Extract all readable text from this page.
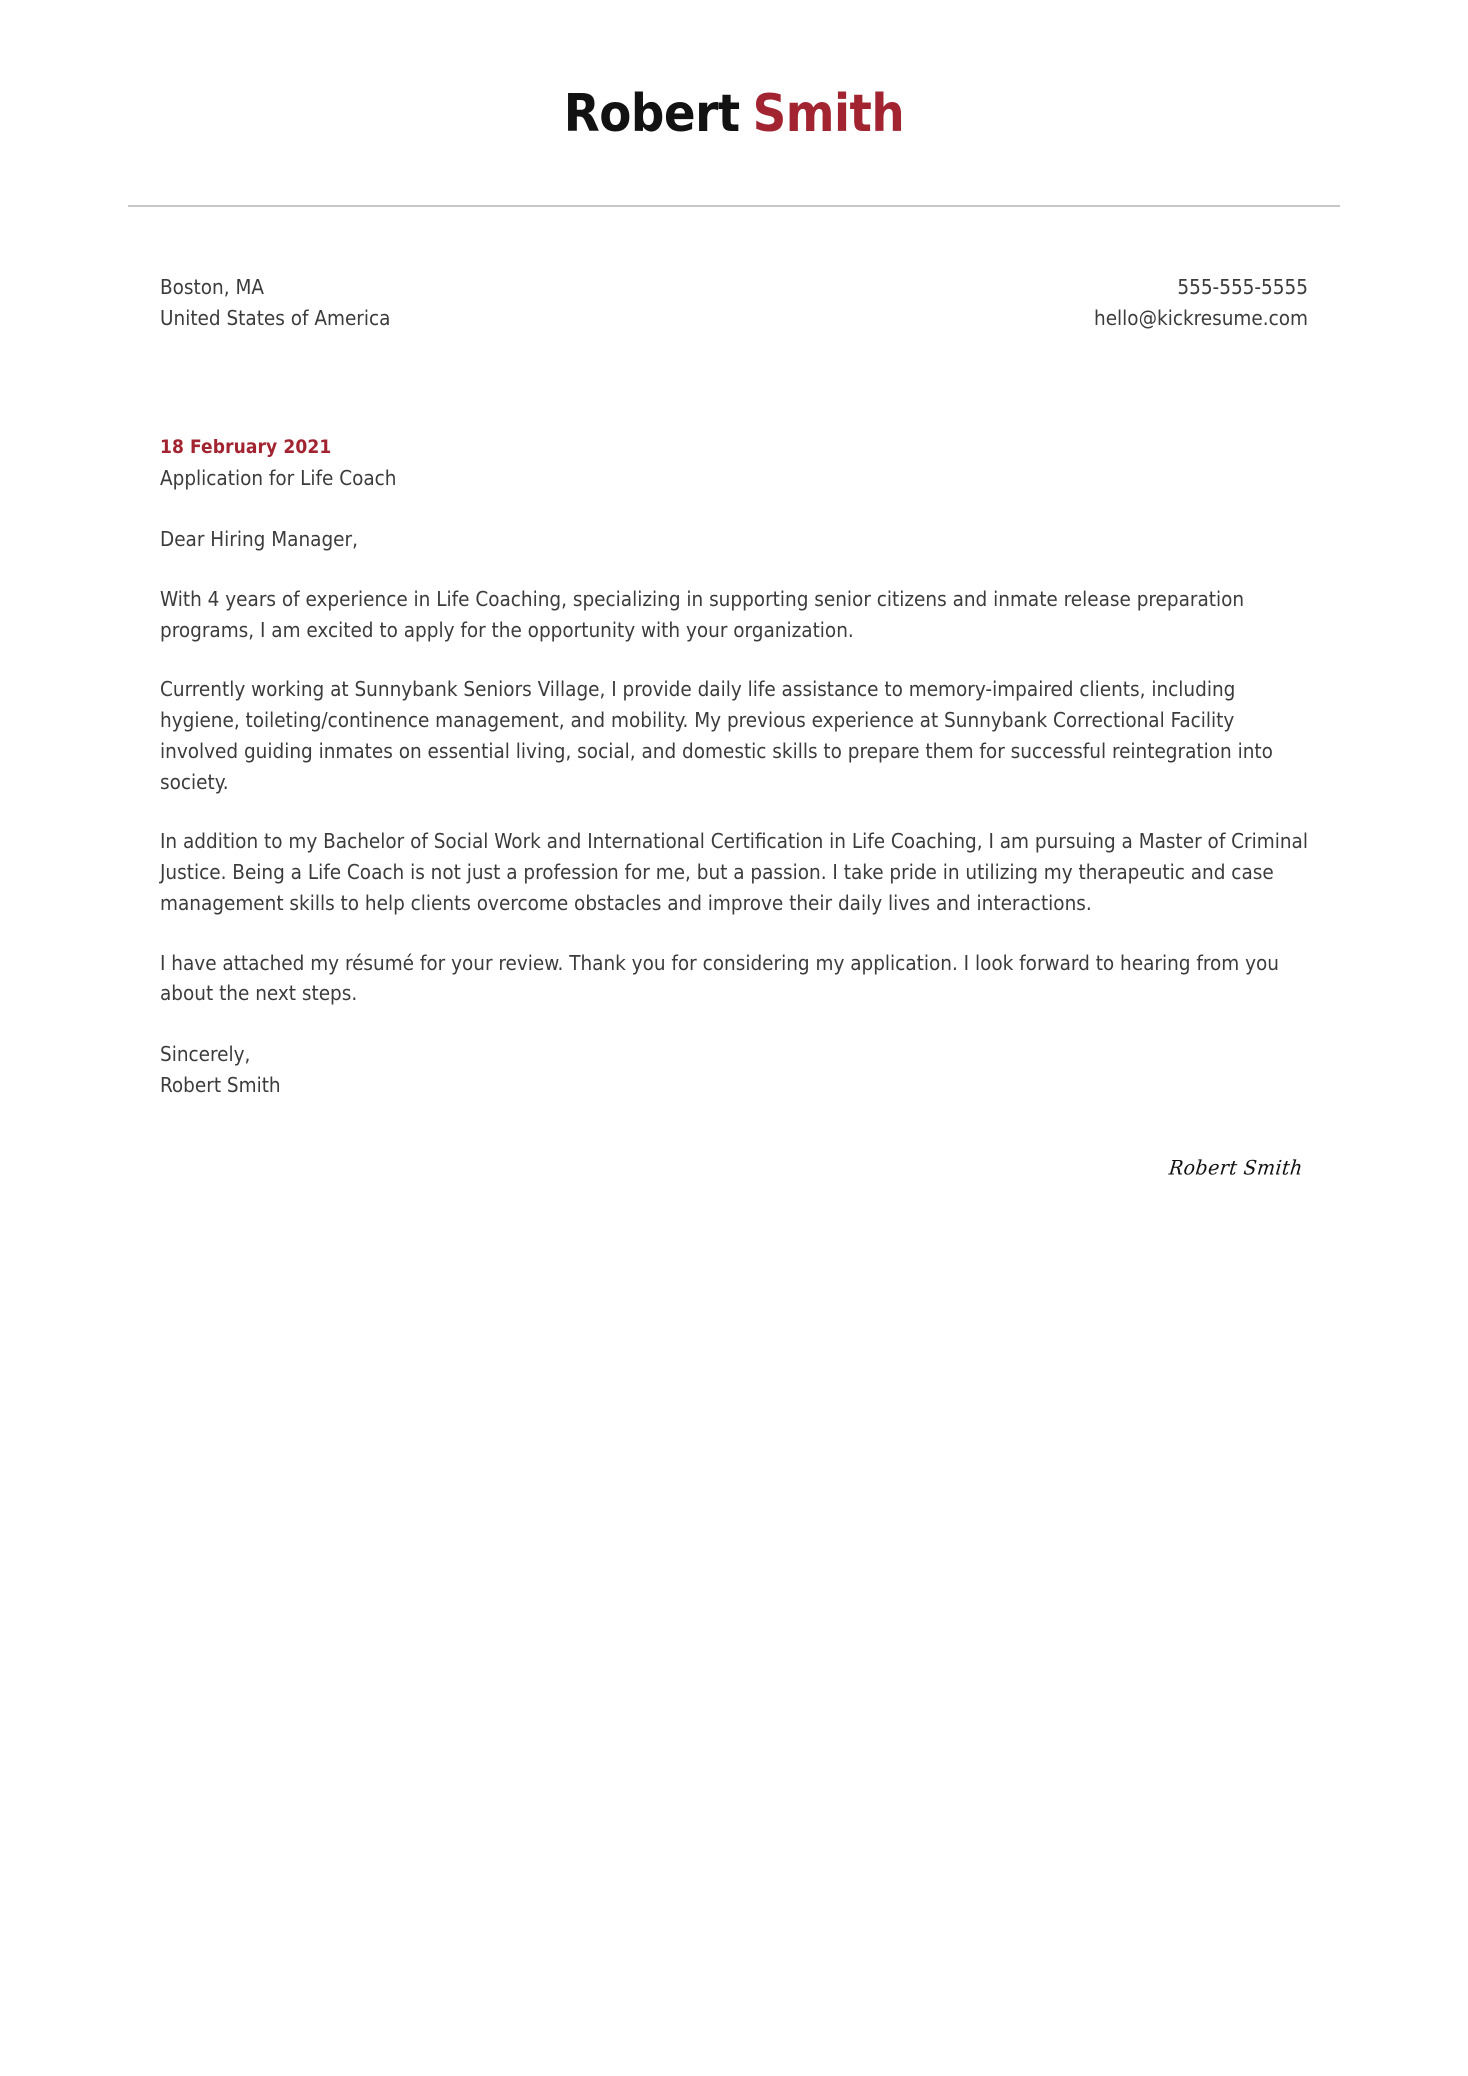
Robert Smith
Boston, MA
United States of America
555-555-5555
hello@kickresume.com
18 February 2021
Application for Life Coach
Dear Hiring Manager,

With 4 years of experience in Life Coaching, specializing in supporting senior citizens and inmate release preparation programs, I am excited to apply for the opportunity with your organization.

Currently working at Sunnybank Seniors Village, I provide daily life assistance to memory-impaired clients, including hygiene, toileting/continence management, and mobility. My previous experience at Sunnybank Correctional Facility involved guiding inmates on essential living, social, and domestic skills to prepare them for successful reintegration into society.

In addition to my Bachelor of Social Work and International Certification in Life Coaching, I am pursuing a Master of Criminal Justice. Being a Life Coach is not just a profession for me, but a passion. I take pride in utilizing my therapeutic and case management skills to help clients overcome obstacles and improve their daily lives and interactions.

I have attached my résumé for your review. Thank you for considering my application. I look forward to hearing from you about the next steps.

Sincerely,
Robert Smith
Robert Smith
